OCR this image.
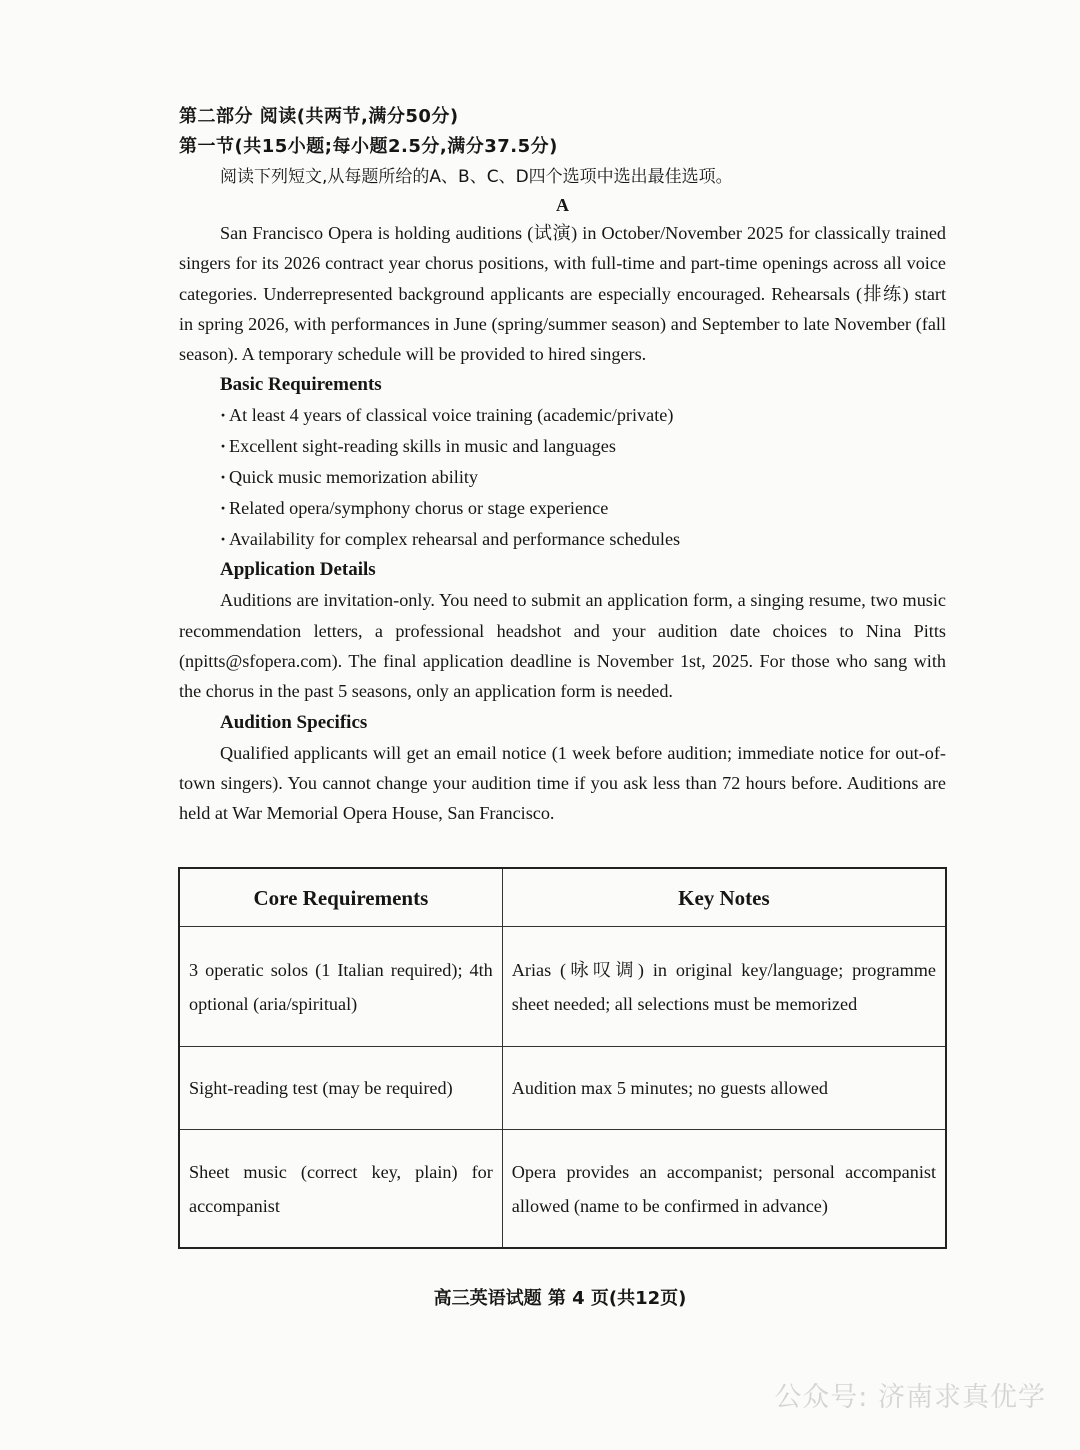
第二部分 阅读(共两节,满分50分)
第一节(共15小题;每小题2.5分,满分37.5分)
阅读下列短文,从每题所给的A、B、C、D四个选项中选出最佳选项。
A

San Francisco Opera is holding auditions (试演) in October/November 2025 for classically trained singers for its 2026 contract year chorus positions, with full-time and part-time openings across all voice categories. Underrepresented background applicants are especially encouraged. Rehearsals (排练) start in spring 2026, with performances in June (spring/summer season) and September to late November (fall season). A temporary schedule will be provided to hired singers.

Basic Requirements
· At least 4 years of classical voice training (academic/private)
· Excellent sight-reading skills in music and languages
· Quick music memorization ability
· Related opera/symphony chorus or stage experience
· Availability for complex rehearsal and performance schedules
Application Details

Auditions are invitation-only. You need to submit an application form, a singing resume, two music recommendation letters, a professional headshot and your audition date choices to Nina Pitts (npitts@sfopera.com). The final application deadline is November 1st, 2025. For those who sang with the chorus in the past 5 seasons, only an application form is needed.

Audition Specifics

Qualified applicants will get an email notice (1 week before audition; immediate notice for out-of-town singers). You cannot change your audition time if you ask less than 72 hours before. Auditions are held at War Memorial Opera House, San Francisco.

Core Requirements	Key Notes
3 operatic solos (1 Italian required); 4th optional (aria/spiritual)	Arias (咏叹调) in original key/language; programme sheet needed; all selections must be memorized
Sight-reading test (may be required)	Audition max 5 minutes; no guests allowed
Sheet music (correct key, plain) for accompanist	Opera provides an accompanist; personal accompanist allowed (name to be confirmed in advance)
高三英语试题 第 4 页(共12页)
公众号: 济南求真优学
